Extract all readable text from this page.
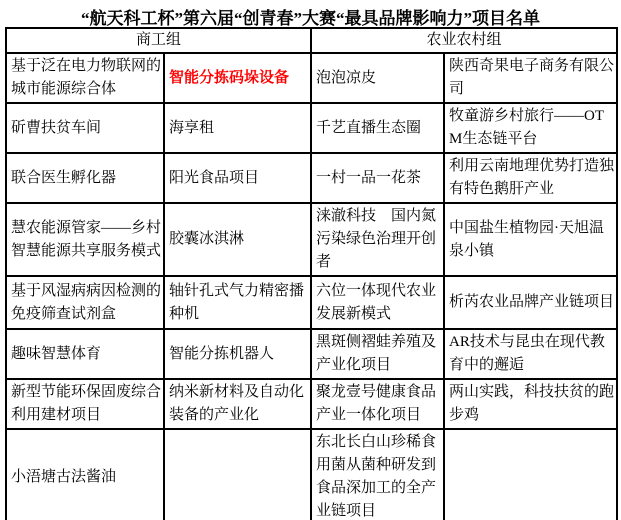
“航天科工杯”第六届“创青春”大赛“最具品牌影响力”项目名单
商工组		农业农村组	
基于泛在电力物联网的城市能源综合体	智能分拣码垛设备	泡泡凉皮	陕西奇果电子商务有限公司
斫曹扶贫车间	海享租	千艺直播生态圈	牧童游乡村旅行——OTM生态链平台
联合医生孵化器	阳光食品项目	一村一品一花茶	利用云南地理优势打造独有特色鹅肝产业
慧农能源管家——乡村智慧能源共享服务模式	胶囊冰淇淋	涞澈科技　国内氮污染绿色治理开创者	中国盐生植物园·天旭温泉小镇
基于风湿病病因检测的免疫筛查试剂盒	轴针孔式气力精密播种机	六位一体现代农业发展新模式	析芮农业品牌产业链项目
趣味智慧体育	智能分拣机器人	黑斑侧褶蛙养殖及产业化项目	AR技术与昆虫在现代教育中的邂逅
新型节能环保固废综合利用建材项目	纳米新材料及自动化装备的产业化	聚龙壹号健康食品产业一体化项目	两山实践，科技扶贫的跑步鸡
小浯塘古法酱油		东北长白山珍稀食用菌从菌种研发到食品深加工的全产业链项目	
